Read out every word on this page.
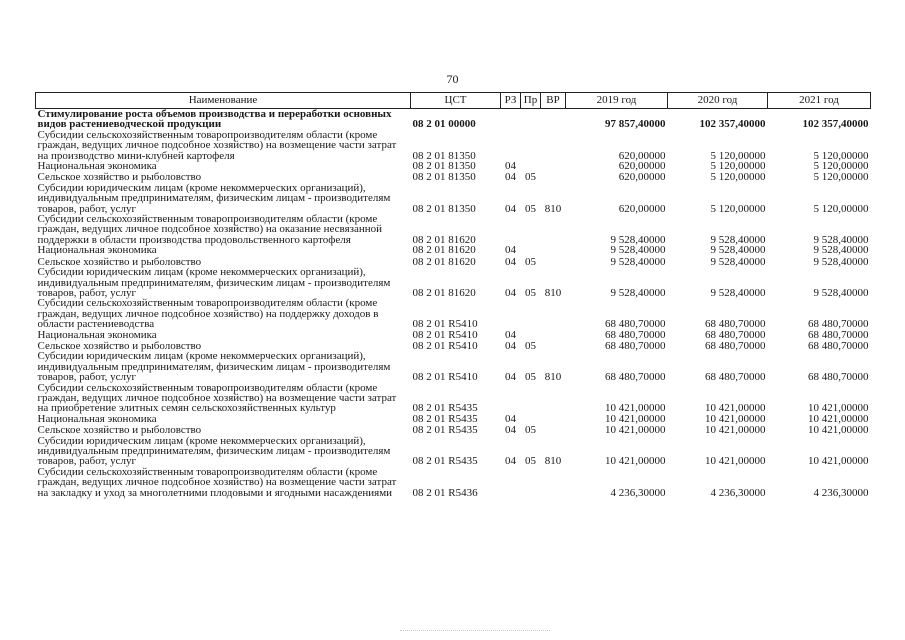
70
Наименование	ЦСТ	РЗ	Пр	ВР	2019 год	2020 год	2021 год
Стимулирование роста объемов производства и переработки основных видов растениеводческой продукции	08 2 01 00000				97 857,40000	102 357,40000	102 357,40000
Субсидии сельскохозяйственным товаропроизводителям области (кроме граждан, ведущих личное подсобное хозяйство) на возмещение части затрат на производство мини-клубней картофеля	08 2 01 81350				620,00000	5 120,00000	5 120,00000
Национальная экономика	08 2 01 81350	04			620,00000	5 120,00000	5 120,00000
Сельское хозяйство и рыболовство	08 2 01 81350	04	05		620,00000	5 120,00000	5 120,00000
Субсидии юридическим лицам (кроме некоммерческих организаций), индивидуальным предпринимателям, физическим лицам - производителям товаров, работ, услуг	08 2 01 81350	04	05	810	620,00000	5 120,00000	5 120,00000
Субсидии сельскохозяйственным товаропроизводителям области (кроме граждан, ведущих личное подсобное хозяйство) на оказание несвязанной поддержки в области производства продовольственного картофеля	08 2 01 81620				9 528,40000	9 528,40000	9 528,40000
Национальная экономика	08 2 01 81620	04			9 528,40000	9 528,40000	9 528,40000
Сельское хозяйство и рыболовство	08 2 01 81620	04	05		9 528,40000	9 528,40000	9 528,40000
Субсидии юридическим лицам (кроме некоммерческих организаций), индивидуальным предпринимателям, физическим лицам - производителям товаров, работ, услуг	08 2 01 81620	04	05	810	9 528,40000	9 528,40000	9 528,40000
Субсидии сельскохозяйственным товаропроизводителям области (кроме граждан, ведущих личное подсобное хозяйство) на поддержку доходов в области растениеводства	08 2 01 R5410				68 480,70000	68 480,70000	68 480,70000
Национальная экономика	08 2 01 R5410	04			68 480,70000	68 480,70000	68 480,70000
Сельское хозяйство и рыболовство	08 2 01 R5410	04	05		68 480,70000	68 480,70000	68 480,70000
Субсидии юридическим лицам (кроме некоммерческих организаций), индивидуальным предпринимателям, физическим лицам - производителям товаров, работ, услуг	08 2 01 R5410	04	05	810	68 480,70000	68 480,70000	68 480,70000
Субсидии сельскохозяйственным товаропроизводителям области (кроме граждан, ведущих личное подсобное хозяйство) на возмещение части затрат на приобретение элитных семян сельскохозяйственных культур	08 2 01 R5435				10 421,00000	10 421,00000	10 421,00000
Национальная экономика	08 2 01 R5435	04			10 421,00000	10 421,00000	10 421,00000
Сельское хозяйство и рыболовство	08 2 01 R5435	04	05		10 421,00000	10 421,00000	10 421,00000
Субсидии юридическим лицам (кроме некоммерческих организаций), индивидуальным предпринимателям, физическим лицам - производителям товаров, работ, услуг	08 2 01 R5435	04	05	810	10 421,00000	10 421,00000	10 421,00000
Субсидии сельскохозяйственным товаропроизводителям области (кроме граждан, ведущих личное подсобное хозяйство) на возмещение части затрат на закладку и уход за многолетними плодовыми и ягодными насаждениями	08 2 01 R5436				4 236,30000	4 236,30000	4 236,30000
